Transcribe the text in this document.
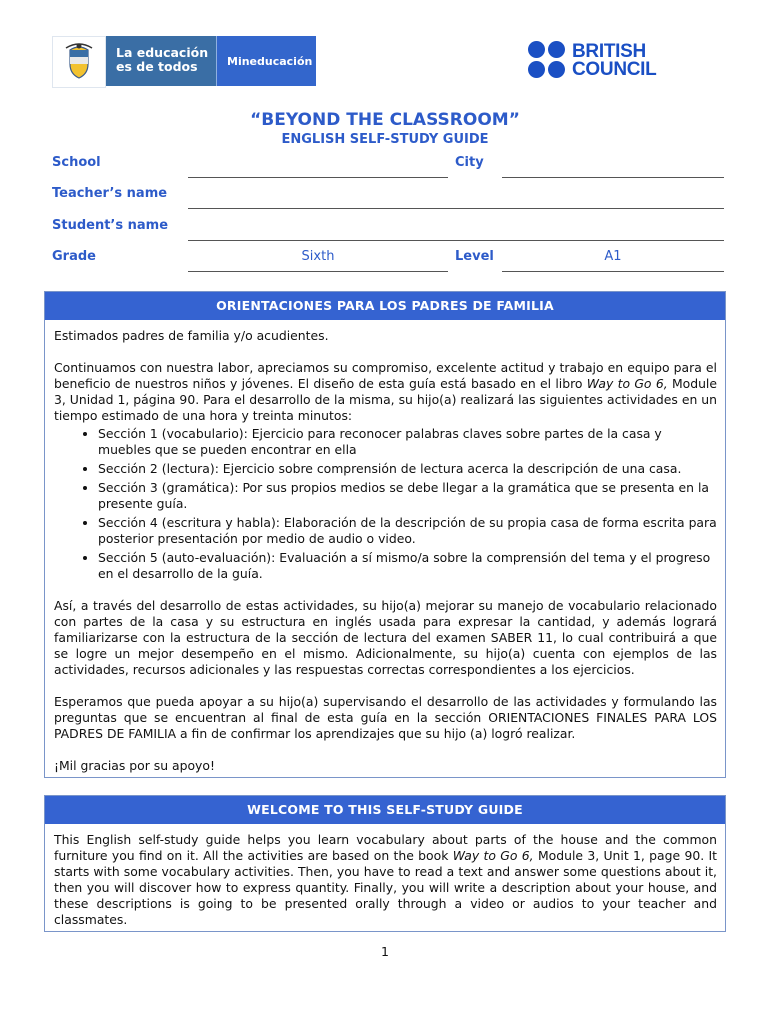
La educación
es de todos	Mineducación	BRITISH
COUNCIL
“BEYOND THE CLASSROOM”
ENGLISH SELF-STUDY GUIDE
School	City
Teacher’s name
Student’s name
Grade	Sixth	Level	A1
ORIENTACIONES PARA LOS PADRES DE FAMILIA

Estimados padres de familia y/o acudientes.

Continuamos con nuestra labor, apreciamos su compromiso, excelente actitud y trabajo en equipo para el beneficio de nuestros niños y jóvenes. El diseño de esta guía está basado en el libro Way to Go 6, Module 3, Unidad 1, página 90. Para el desarrollo de la misma, su hijo(a) realizará las siguientes actividades en un tiempo estimado de una hora y treinta minutos:

• Sección 1 (vocabulario): Ejercicio para reconocer palabras claves sobre partes de la casa y muebles que se pueden encontrar en ella
• Sección 2 (lectura): Ejercicio sobre comprensión de lectura acerca la descripción de una casa.
• Sección 3 (gramática): Por sus propios medios se debe llegar a la gramática que se presenta en la presente guía.
• Sección 4 (escritura y habla): Elaboración de la descripción de su propia casa de forma escrita para posterior presentación por medio de audio o video.
• Sección 5 (auto-evaluación): Evaluación a sí mismo/a sobre la comprensión del tema y el progreso en el desarrollo de la guía.

Así, a través del desarrollo de estas actividades, su hijo(a) mejorar su manejo de vocabulario relacionado con partes de la casa y su estructura en inglés usada para expresar la cantidad, y además logrará familiarizarse con la estructura de la sección de lectura del examen SABER 11, lo cual contribuirá a que se logre un mejor desempeño en el mismo. Adicionalmente, su hijo(a) cuenta con ejemplos de las actividades, recursos adicionales y las respuestas correctas correspondientes a los ejercicios.

Esperamos que pueda apoyar a su hijo(a) supervisando el desarrollo de las actividades y formulando las preguntas que se encuentran al final de esta guía en la sección ORIENTACIONES FINALES PARA LOS PADRES DE FAMILIA a fin de confirmar los aprendizajes que su hijo (a) logró realizar.

¡Mil gracias por su apoyo!

WELCOME TO THIS SELF-STUDY GUIDE

This English self-study guide helps you learn vocabulary about parts of the house and the common furniture you find on it. All the activities are based on the book Way to Go 6, Module 3, Unit 1, page 90. It starts with some vocabulary activities. Then, you have to read a text and answer some questions about it, then you will discover how to express quantity. Finally, you will write a description about your house, and these descriptions is going to be presented orally through a video or audios to your teacher and classmates.

1
